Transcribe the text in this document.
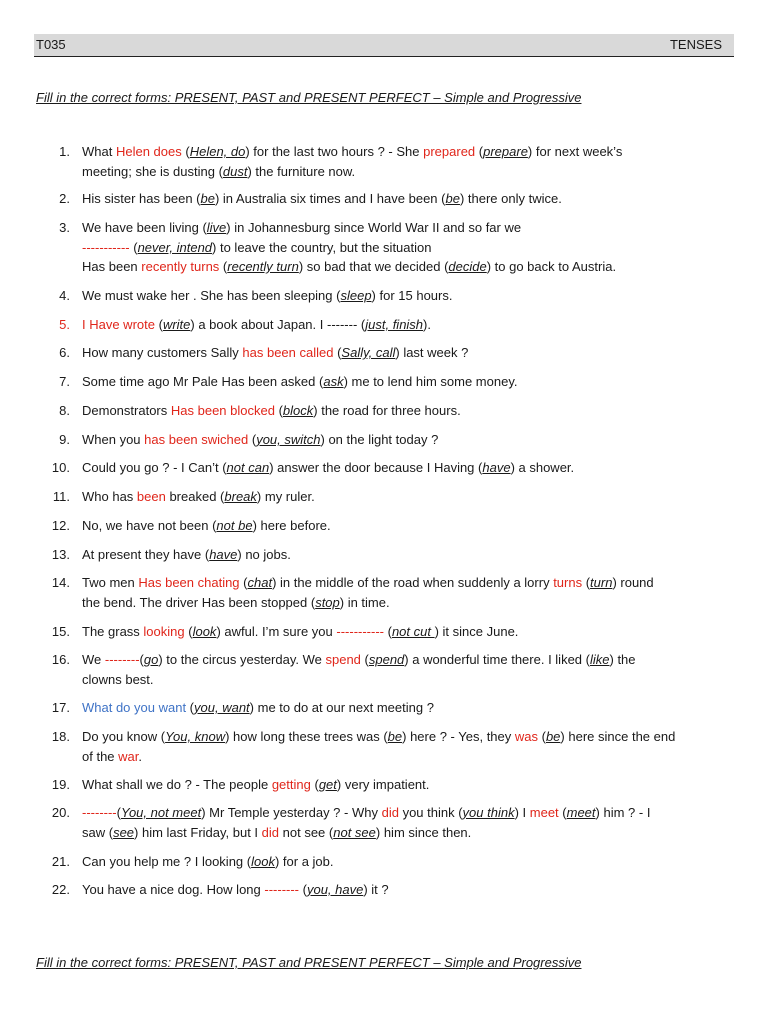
T035	TENSES
Fill in the correct forms: PRESENT, PAST and PRESENT PERFECT – Simple and Progressive
1. What Helen does (Helen, do) for the last two hours ? - She prepared (prepare) for next week’s
meeting; she is dusting (dust) the furniture now.
2. His sister has been (be) in Australia six times and I have been (be) there only twice.
3. We have been living (live) in Johannesburg since World War II and so far we
----------- (never, intend) to leave the country, but the situation
Has been recently turns (recently turn) so bad that we decided (decide) to go back to Austria.
4. We must wake her . She has been sleeping (sleep) for 15 hours.
5. I Have wrote (write) a book about Japan. I ------- (just, finish).
6. How many customers Sally has been called (Sally, call) last week ?
7. Some time ago Mr Pale Has been asked (ask) me to lend him some money.
8. Demonstrators Has been blocked (block) the road for three hours.
9. When you has been swiched (you, switch) on the light today ?
10. Could you go ? - I Can’t (not can) answer the door because I Having (have) a shower.
11. Who has been breaked (break) my ruler.
12. No, we have not been (not be) here before.
13. At present they have (have) no jobs.
14. Two men Has been chating (chat) in the middle of the road when suddenly a lorry turns (turn) round
the bend. The driver Has been stopped (stop) in time.
15. The grass looking (look) awful. I’m sure you ----------- (not cut ) it since June.
16. We --------(go) to the circus yesterday. We spend (spend) a wonderful time there. I liked (like) the
clowns best.
17. What do you want (you, want) me to do at our next meeting ?
18. Do you know (You, know) how long these trees was (be) here ? - Yes, they was (be) here since the end
of the war.
19. What shall we do ? - The people getting (get) very impatient.
20. --------(You, not meet) Mr Temple yesterday ? - Why did you think (you think) I meet (meet) him ? - I
saw (see) him last Friday, but I did not see (not see) him since then.
21. Can you help me ? I looking (look) for a job.
22. You have a nice dog. How long -------- (you, have) it ?
Fill in the correct forms: PRESENT, PAST and PRESENT PERFECT – Simple and Progressive
